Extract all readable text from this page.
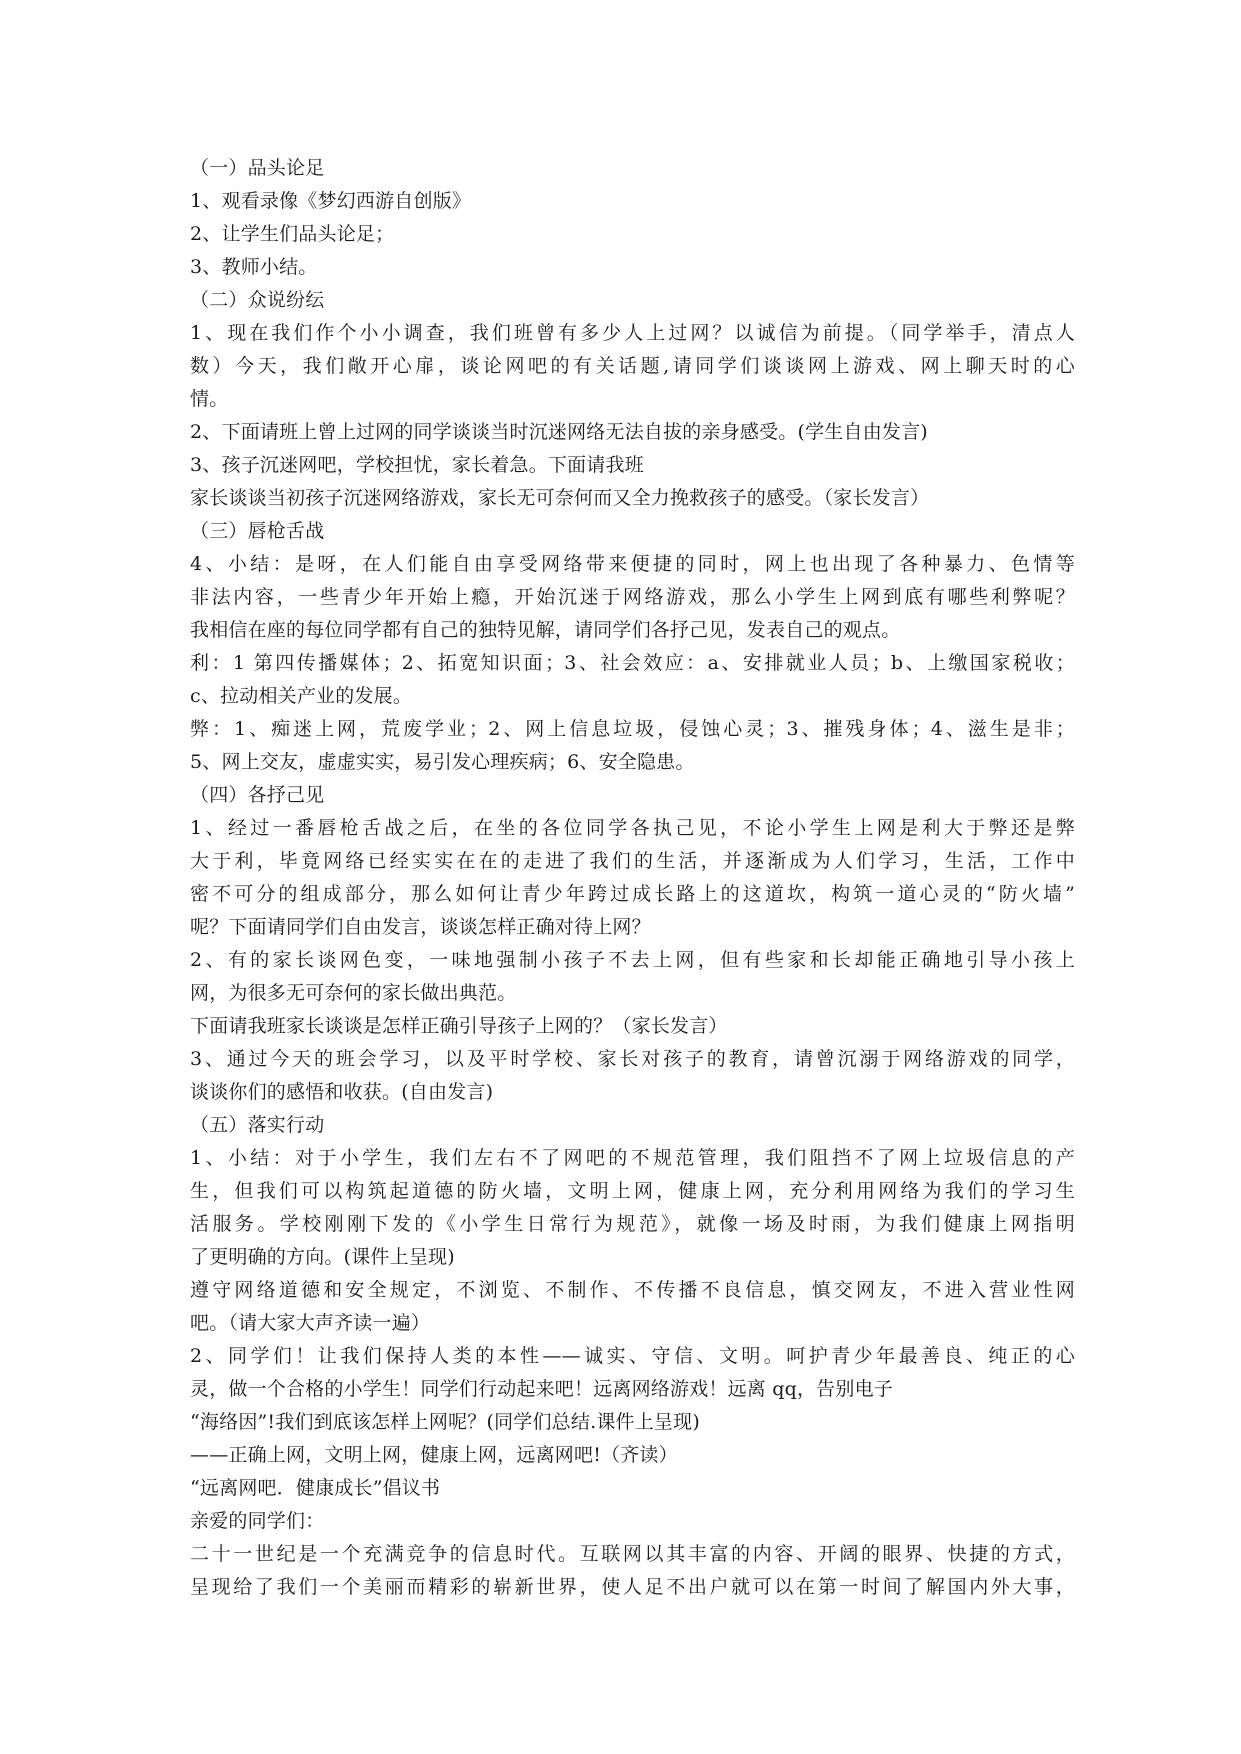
（一）品头论足
1、观看录像《梦幻西游自创版》
2、让学生们品头论足；
3、教师小结。
（二）众说纷纭
1、现在我们作个小小调查，我们班曾有多少人上过网？以诚信为前提。（同学举手，清点人
数）今天，我们敞开心扉，谈论网吧的有关话题,请同学们谈谈网上游戏、网上聊天时的心
情。
2、下面请班上曾上过网的同学谈谈当时沉迷网络无法自拔的亲身感受。(学生自由发言)
3、孩子沉迷网吧，学校担忧，家长着急。下面请我班
家长谈谈当初孩子沉迷网络游戏，家长无可奈何而又全力挽救孩子的感受。（家长发言）
（三）唇枪舌战
4、小结：是呀，在人们能自由享受网络带来便捷的同时，网上也出现了各种暴力、色情等
非法内容，一些青少年开始上瘾，开始沉迷于网络游戏，那么小学生上网到底有哪些利弊呢？
我相信在座的每位同学都有自己的独特见解，请同学们各抒己见，发表自己的观点。
利：1 第四传播媒体；2、拓宽知识面；3、社会效应：a、安排就业人员；b、上缴国家税收；
c、拉动相关产业的发展。
弊：1、痴迷上网，荒废学业；2、网上信息垃圾，侵蚀心灵；3、摧残身体；4、滋生是非；
5、网上交友，虚虚实实，易引发心理疾病；6、安全隐患。
（四）各抒己见
1、经过一番唇枪舌战之后，在坐的各位同学各执己见，不论小学生上网是利大于弊还是弊
大于利，毕竟网络已经实实在在的走进了我们的生活，并逐渐成为人们学习，生活，工作中
密不可分的组成部分，那么如何让青少年跨过成长路上的这道坎，构筑一道心灵的“防火墙”
呢？下面请同学们自由发言，谈谈怎样正确对待上网？
2、有的家长谈网色变，一味地强制小孩子不去上网，但有些家和长却能正确地引导小孩上
网，为很多无可奈何的家长做出典范。
下面请我班家长谈谈是怎样正确引导孩子上网的？（家长发言）
3、通过今天的班会学习，以及平时学校、家长对孩子的教育，请曾沉溺于网络游戏的同学，
谈谈你们的感悟和收获。(自由发言)
（五）落实行动
1、小结：对于小学生，我们左右不了网吧的不规范管理，我们阻挡不了网上垃圾信息的产
生，但我们可以构筑起道德的防火墙，文明上网，健康上网，充分利用网络为我们的学习生
活服务。学校刚刚下发的《小学生日常行为规范》，就像一场及时雨，为我们健康上网指明
了更明确的方向。(课件上呈现)
遵守网络道德和安全规定，不浏览、不制作、不传播不良信息，慎交网友，不进入营业性网
吧。（请大家大声齐读一遍）
2、同学们！让我们保持人类的本性——诚实、守信、文明。呵护青少年最善良、纯正的心
灵，做一个合格的小学生！同学们行动起来吧！远离网络游戏！远离 qq，告别电子
“海络因”!我们到底该怎样上网呢？(同学们总结.课件上呈现)
——正确上网，文明上网，健康上网，远离网吧!（齐读）
“远离网吧．健康成长”倡议书
亲爱的同学们：
二十一世纪是一个充满竞争的信息时代。互联网以其丰富的内容、开阔的眼界、快捷的方式，
呈现给了我们一个美丽而精彩的崭新世界，使人足不出户就可以在第一时间了解国内外大事，
